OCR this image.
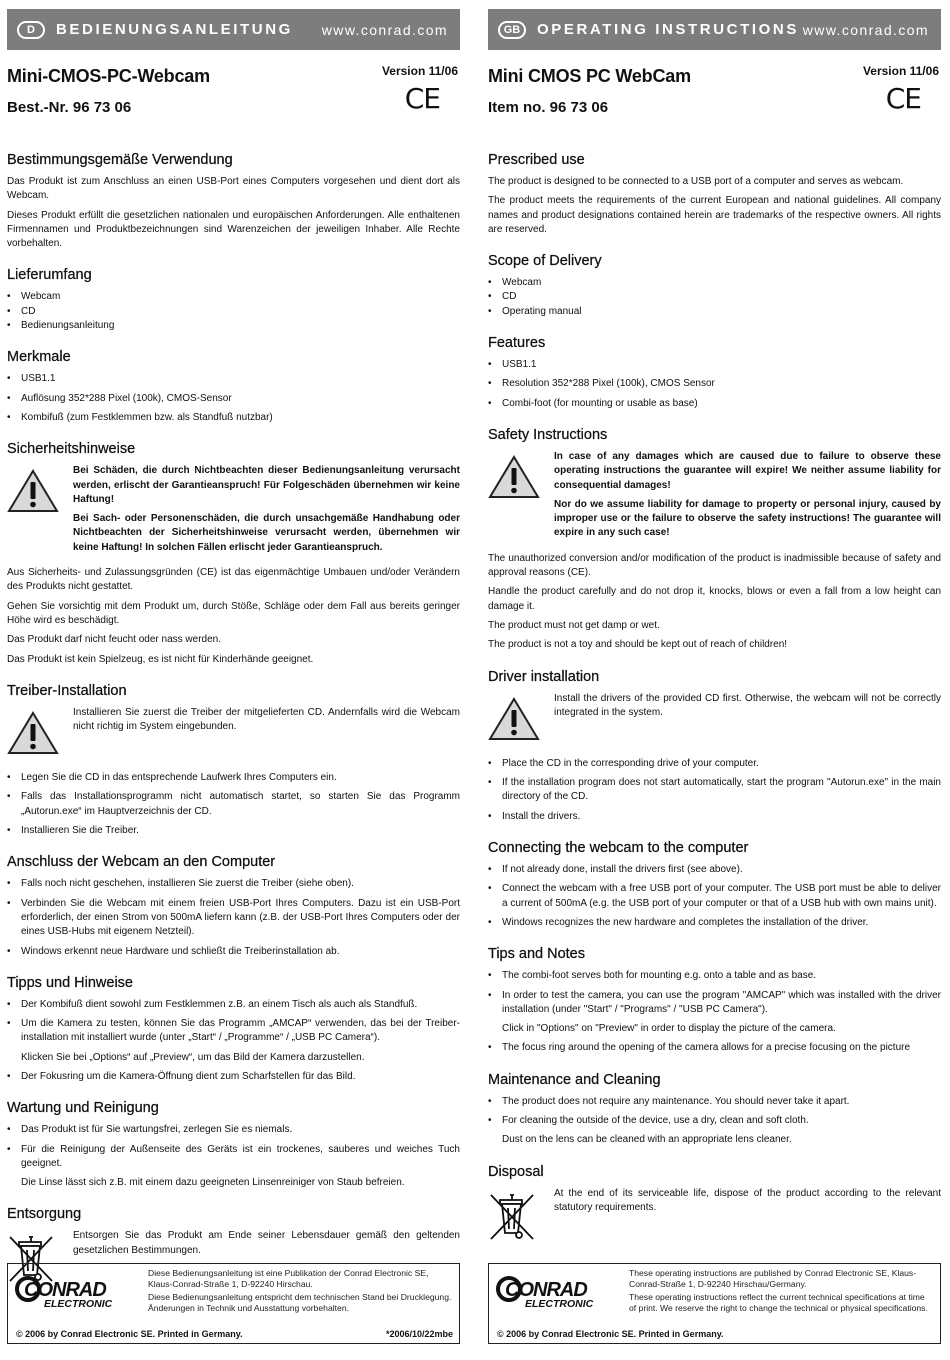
D	BEDIENUNGSANLEITUNG	www.conrad.com
Mini-CMOS-PC-Webcam
Best.-Nr. 96 73 06
Version 11/06
CE
Bestimmungsgemäße Verwendung

Das Produkt ist zum Anschluss an einen USB-Port eines Computers vorgesehen und dient dort als Webcam.

Dieses Produkt erfüllt die gesetzlichen nationalen und europäischen Anforderungen. Alle enthaltenen Firmennamen und Produktbezeichnungen sind Warenzeichen der jeweiligen Inhaber. Alle Rechte vorbehalten.

Lieferumfang
• Webcam
• CD
• Bedienungsanleitung
Merkmale
• USB1.1
• Auflösung 352*288 Pixel (100k), CMOS-Sensor
• Kombifuß (zum Festklemmen bzw. als Standfuß nutzbar)
Sicherheitshinweise

Bei Schäden, die durch Nichtbeachten dieser Bedienungsanleitung verursacht werden, erlischt der Garantieanspruch! Für Folgeschäden übernehmen wir keine Haftung!

Bei Sach- oder Personenschäden, die durch unsachgemäße Handhabung oder Nichtbeachten der Sicherheitshinweise verursacht werden, übernehmen wir keine Haftung! In solchen Fällen erlischt jeder Garantieanspruch.

Aus Sicherheits- und Zulassungsgründen (CE) ist das eigenmächtige Umbauen und/oder Verändern des Produkts nicht gestattet.

Gehen Sie vorsichtig mit dem Produkt um, durch Stöße, Schläge oder dem Fall aus bereits geringer Höhe wird es beschädigt.

Das Produkt darf nicht feucht oder nass werden.

Das Produkt ist kein Spielzeug, es ist nicht für Kinderhände geeignet.

Treiber-Installation

Installieren Sie zuerst die Treiber der mitgelieferten CD. Andernfalls wird die Webcam nicht richtig im System eingebunden.

• Legen Sie die CD in das entsprechende Laufwerk Ihres Computers ein.
• Falls das Installationsprogramm nicht automatisch startet, so starten Sie das Programm „Autorun.exe“ im Hauptverzeichnis der CD.
• Installieren Sie die Treiber.
Anschluss der Webcam an den Computer
• Falls noch nicht geschehen, installieren Sie zuerst die Treiber (siehe oben).
• Verbinden Sie die Webcam mit einem freien USB-Port Ihres Computers. Dazu ist ein USB-Port erforderlich, der einen Strom von 500mA liefern kann (z.B. der USB-Port Ihres Computers oder der eines USB-Hubs mit eigenem Netzteil).
• Windows erkennt neue Hardware und schließt die Treiberinstallation ab.
Tipps und Hinweise
• Der Kombifuß dient sowohl zum Festklemmen z.B. an einem Tisch als auch als Standfuß.
• Um die Kamera zu testen, können Sie das Programm „AMCAP“ verwenden, das bei der Treiberinstallation mit installiert wurde (unter „Start“ / „Programme“ / „USB PC Camera“).

Klicken Sie bei „Options“ auf „Preview“, um das Bild der Kamera darzustellen.

• Der Fokusring um die Kamera-Öffnung dient zum Scharfstellen für das Bild.
Wartung und Reinigung
• Das Produkt ist für Sie wartungsfrei, zerlegen Sie es niemals.
• Für die Reinigung der Außenseite des Geräts ist ein trockenes, sauberes und weiches Tuch geeignet.

Die Linse lässt sich z.B. mit einem dazu geeigneten Linsenreiniger von Staub befreien.

Entsorgung

Entsorgen Sie das Produkt am Ende seiner Lebensdauer gemäß den geltenden gesetzlichen Bestimmungen.

CONRAD
ELECTRONIC

Diese Bedienungsanleitung ist eine Publikation der Conrad Electronic SE, Klaus-Conrad-Straße 1, D-92240 Hirschau.

Diese Bedienungsanleitung entspricht dem technischen Stand bei Drucklegung. Änderungen in Technik und Ausstattung vorbehalten.

© 2006 by Conrad Electronic SE. Printed in Germany.	*2006/10/22mbe
GB	OPERATING INSTRUCTIONS www.conrad.com
Mini CMOS PC WebCam
Item no. 96 73 06
Version 11/06
CE
Prescribed use

The product is designed to be connected to a USB port of a computer and serves as webcam.

The product meets the requirements of the current European and national guidelines. All company names and product designations contained herein are trademarks of the respective owners. All rights are reserved.

Scope of Delivery
• Webcam
• CD
• Operating manual
Features
• USB1.1
• Resolution 352*288 Pixel (100k), CMOS Sensor
• Combi-foot (for mounting or usable as base)
Safety Instructions

In case of any damages which are caused due to failure to observe these operating instructions the guarantee will expire! We neither assume liability for consequential damages!

Nor do we assume liability for damage to property or personal injury, caused by improper use or the failure to observe the safety instructions! The guarantee will expire in any such case!

The unauthorized conversion and/or modification of the product is inadmissible because of safety and approval reasons (CE).

Handle the product carefully and do not drop it, knocks, blows or even a fall from a low height can damage it.

The product must not get damp or wet.

The product is not a toy and should be kept out of reach of children!

Driver installation

Install the drivers of the provided CD first. Otherwise, the webcam will not be correctly integrated in the system.

• Place the CD in the corresponding drive of your computer.
• If the installation program does not start automatically, start the program "Autorun.exe" in the main directory of the CD.
• Install the drivers.
Connecting the webcam to the computer
• If not already done, install the drivers first (see above).
• Connect the webcam with a free USB port of your computer. The USB port must be able to deliver a current of 500mA (e.g. the USB port of your computer or that of a USB hub with own mains unit).
• Windows recognizes the new hardware and completes the installation of the driver.
Tips and Notes
• The combi-foot serves both for mounting e.g. onto a table and as base.
• In order to test the camera, you can use the program "AMCAP" which was installed with the driver installation (under "Start" / "Programs" / "USB PC Camera").

Click in "Options" on "Preview" in order to display the picture of the camera.

• The focus ring around the opening of the camera allows for a precise focusing on the picture
Maintenance and Cleaning
• The product does not require any maintenance. You should never take it apart.
• For cleaning the outside of the device, use a dry, clean and soft cloth.

Dust on the lens can be cleaned with an appropriate lens cleaner.

Disposal

At the end of its serviceable life, dispose of the product according to the relevant statutory requirements.

CONRAD
ELECTRONIC

These operating instructions are published by Conrad Electronic SE, Klaus-Conrad-Straße 1, D-92240 Hirschau/Germany.

These operating instructions reflect the current technical specifications at time of print. We reserve the right to change the technical or physical specifications.

© 2006 by Conrad Electronic SE. Printed in Germany.
